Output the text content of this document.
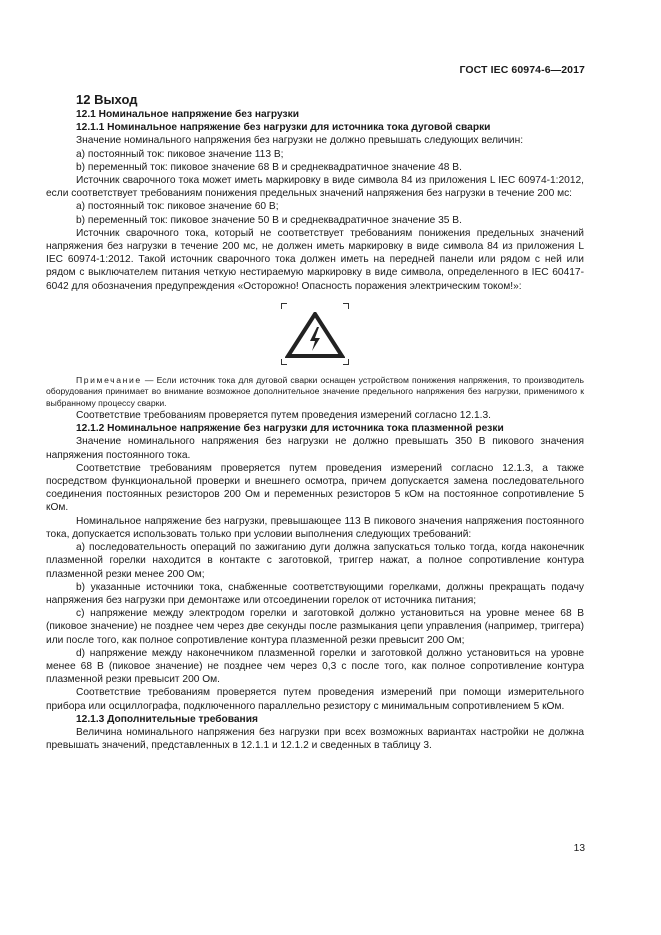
ГОСТ IEC 60974-6—2017

12 Выход

12.1 Номинальное напряжение без нагрузки

12.1.1 Номинальное напряжение без нагрузки для источника тока дуговой сварки

Значение номинального напряжения без нагрузки не должно превышать следующих величин:

a) постоянный ток: пиковое значение 113 В;

b) переменный ток: пиковое значение 68 В и среднеквадратичное значение 48 В.

Источник сварочного тока может иметь маркировку в виде символа 84 из приложения L IEC 60974-1:2012, если соответствует требованиям понижения предельных значений напряжения без нагрузки в течение 200 мс:

a) постоянный ток: пиковое значение 60 В;

b) переменный ток: пиковое значение 50 В и среднеквадратичное значение 35 В.

Источник сварочного тока, который не соответствует требованиям понижения предельных значений напряжения без нагрузки в течение 200 мс, не должен иметь маркировку в виде символа 84 из приложения L IEC 60974-1:2012. Такой источник сварочного тока должен иметь на передней панели или рядом с ней или рядом с выключателем питания четкую нестираемую маркировку в виде символа, определенного в IEC 60417-6042 для обозначения предупреждения «Осторожно! Опасность поражения электрическим током!»:

Примечание — Если источник тока для дуговой сварки оснащен устройством понижения напряжения, то производитель оборудования принимает во внимание возможное дополнительное значение предельного напряжения без нагрузки, применимого к выбранному процессу сварки.

Соответствие требованиям проверяется путем проведения измерений согласно 12.1.3.

12.1.2 Номинальное напряжение без нагрузки для источника тока плазменной резки

Значение номинального напряжения без нагрузки не должно превышать 350 В пикового значения напряжения постоянного тока.

Соответствие требованиям проверяется путем проведения измерений согласно 12.1.3, а также посредством функциональной проверки и внешнего осмотра, причем допускается замена последовательного соединения постоянных резисторов 200 Ом и переменных резисторов 5 кОм на постоянное сопротивление 5 кОм.

Номинальное напряжение без нагрузки, превышающее 113 В пикового значения напряжения постоянного тока, допускается использовать только при условии выполнения следующих требований:

a) последовательность операций по зажиганию дуги должна запускаться только тогда, когда наконечник плазменной горелки находится в контакте с заготовкой, триггер нажат, а полное сопротивление контура плазменной резки менее 200 Ом;

b) указанные источники тока, снабженные соответствующими горелками, должны прекращать подачу напряжения без нагрузки при демонтаже или отсоединении горелок от источника питания;

c) напряжение между электродом горелки и заготовкой должно установиться на уровне менее 68 В (пиковое значение) не позднее чем через две секунды после размыкания цепи управления (например, триггера) или после того, как полное сопротивление контура плазменной резки превысит 200 Ом;

d) напряжение между наконечником плазменной горелки и заготовкой должно установиться на уровне менее 68 В (пиковое значение) не позднее чем через 0,3 с после того, как полное сопротивление контура плазменной резки превысит 200 Ом.

Соответствие требованиям проверяется путем проведения измерений при помощи измерительного прибора или осциллографа, подключенного параллельно резистору с минимальным сопротивлением 5 кОм.

12.1.3 Дополнительные требования

Величина номинального напряжения без нагрузки при всех возможных вариантах настройки не должна превышать значений, представленных в 12.1.1 и 12.1.2 и сведенных в таблицу 3.

13
